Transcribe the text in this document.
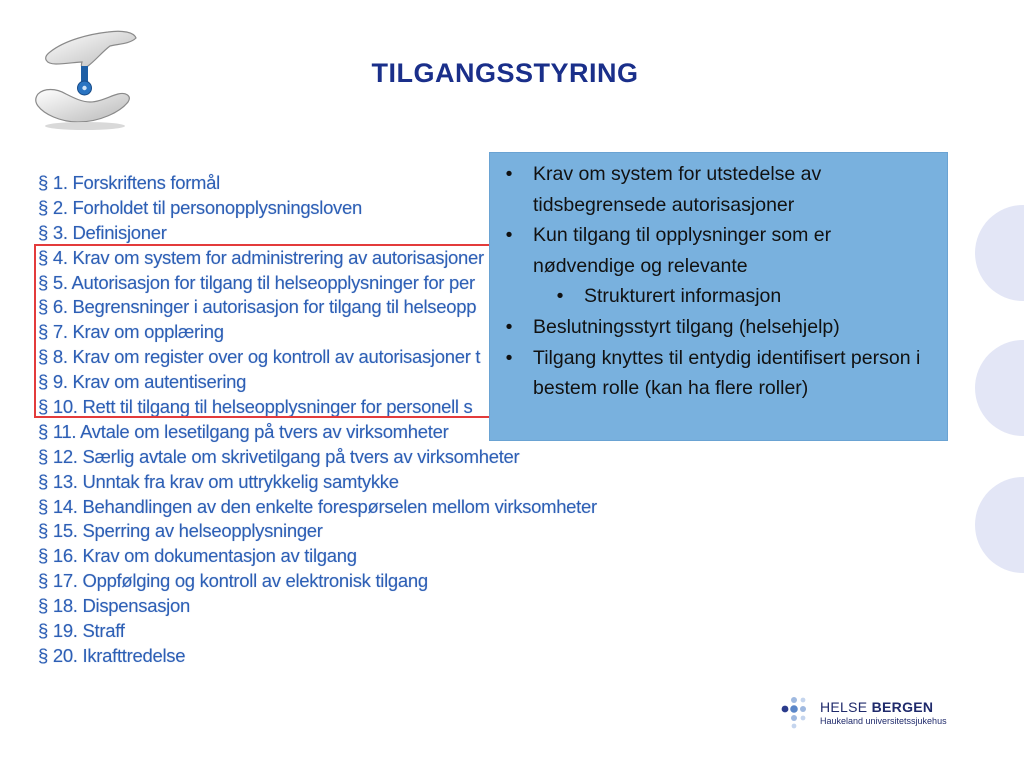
TILGANGSSTYRING
§ 1. Forskriftens formål
§ 2. Forholdet til personopplysningsloven
§ 3. Definisjoner
§ 4. Krav om system for administrering av autorisasjoner
§ 5. Autorisasjon for tilgang til helseopplysninger for per
§ 6. Begrensninger i autorisasjon for tilgang til helseopp
§ 7. Krav om opplæring
§ 8. Krav om register over og kontroll av autorisasjoner t
§ 9. Krav om autentisering
§ 10. Rett til tilgang til helseopplysninger for personell s
§ 11. Avtale om lesetilgang på tvers av virksomheter
§ 12. Særlig avtale om skrivetilgang på tvers av virksomheter
§ 13. Unntak fra krav om uttrykkelig samtykke
§ 14. Behandlingen av den enkelte forespørselen mellom virksomheter
§ 15. Sperring av helseopplysninger
§ 16. Krav om dokumentasjon av tilgang
§ 17. Oppfølging og kontroll av elektronisk tilgang
§ 18. Dispensasjon
§ 19. Straff
§ 20. Ikrafttredelse
• Krav om system for utstedelse av tidsbegrensede autorisasjoner
• Kun tilgang til opplysninger som er nødvendige og relevante
• Strukturert informasjon
• Beslutningsstyrt tilgang (helsehjelp)
• Tilgang knyttes til entydig identifisert person i bestem rolle (kan ha flere roller)
HELSE BERGEN
Haukeland universitetssjukehus
